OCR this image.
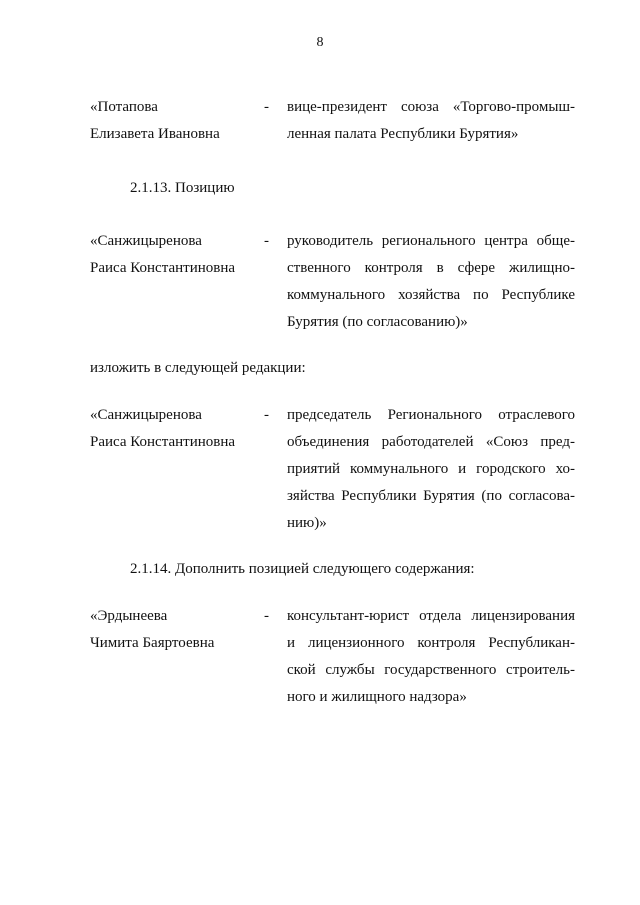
8
«Потапова
Елизавета Ивановна
- вице-президент союза «Торгово-промыш-
ленная палата Республики Бурятия»
2.1.13. Позицию
«Санжицыренова
Раиса Константиновна
- руководитель регионального центра обще-
ственного контроля в сфере жилищно-
коммунального хозяйства по Республике
Бурятия (по согласованию)»
изложить в следующей редакции:
«Санжицыренова
Раиса Константиновна
- председатель Регионального отраслевого
объединения работодателей «Союз пред-
приятий коммунального и городского хо-
зяйства Республики Бурятия (по согласова-
нию)»
2.1.14. Дополнить позицией следующего содержания:
«Эрдынеева
Чимита Баяртоевна
- консультант-юрист отдела лицензирования
и лицензионного контроля Республикан-
ской службы государственного строитель-
ного и жилищного надзора»
